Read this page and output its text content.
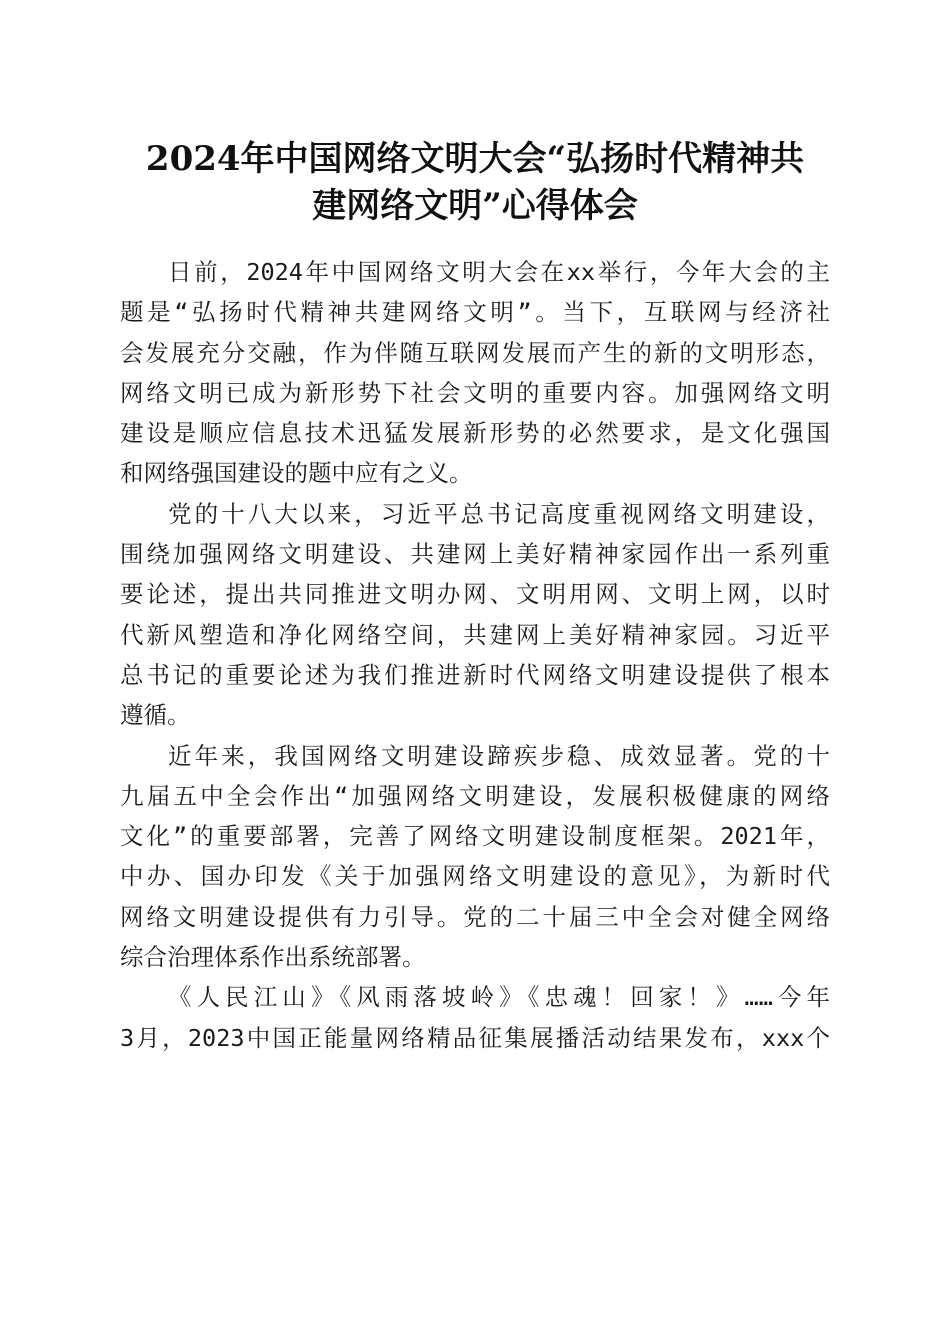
2024年中国网络文明大会“弘扬时代精神共
建网络文明”心得体会

日前，2024年中国网络文明大会在xx举行，今年大会的主
题是“弘扬时代精神共建网络文明”。当下，互联网与经济社
会发展充分交融，作为伴随互联网发展而产生的新的文明形态，
网络文明已成为新形势下社会文明的重要内容。加强网络文明
建设是顺应信息技术迅猛发展新形势的必然要求，是文化强国
和网络强国建设的题中应有之义。

党的十八大以来，习近平总书记高度重视网络文明建设，
围绕加强网络文明建设、共建网上美好精神家园作出一系列重
要论述，提出共同推进文明办网、文明用网、文明上网，以时
代新风塑造和净化网络空间，共建网上美好精神家园。习近平
总书记的重要论述为我们推进新时代网络文明建设提供了根本
遵循。

近年来，我国网络文明建设蹄疾步稳、成效显著。党的十
九届五中全会作出“加强网络文明建设，发展积极健康的网络
文化”的重要部署，完善了网络文明建设制度框架。2021年，
中办、国办印发《关于加强网络文明建设的意见》，为新时代
网络文明建设提供有力引导。党的二十届三中全会对健全网络
综合治理体系作出系统部署。

《人民江山》《风雨落坡岭》《忠魂！回家！》……今年
3月，2023中国正能量网络精品征集展播活动结果发布，xxx个
